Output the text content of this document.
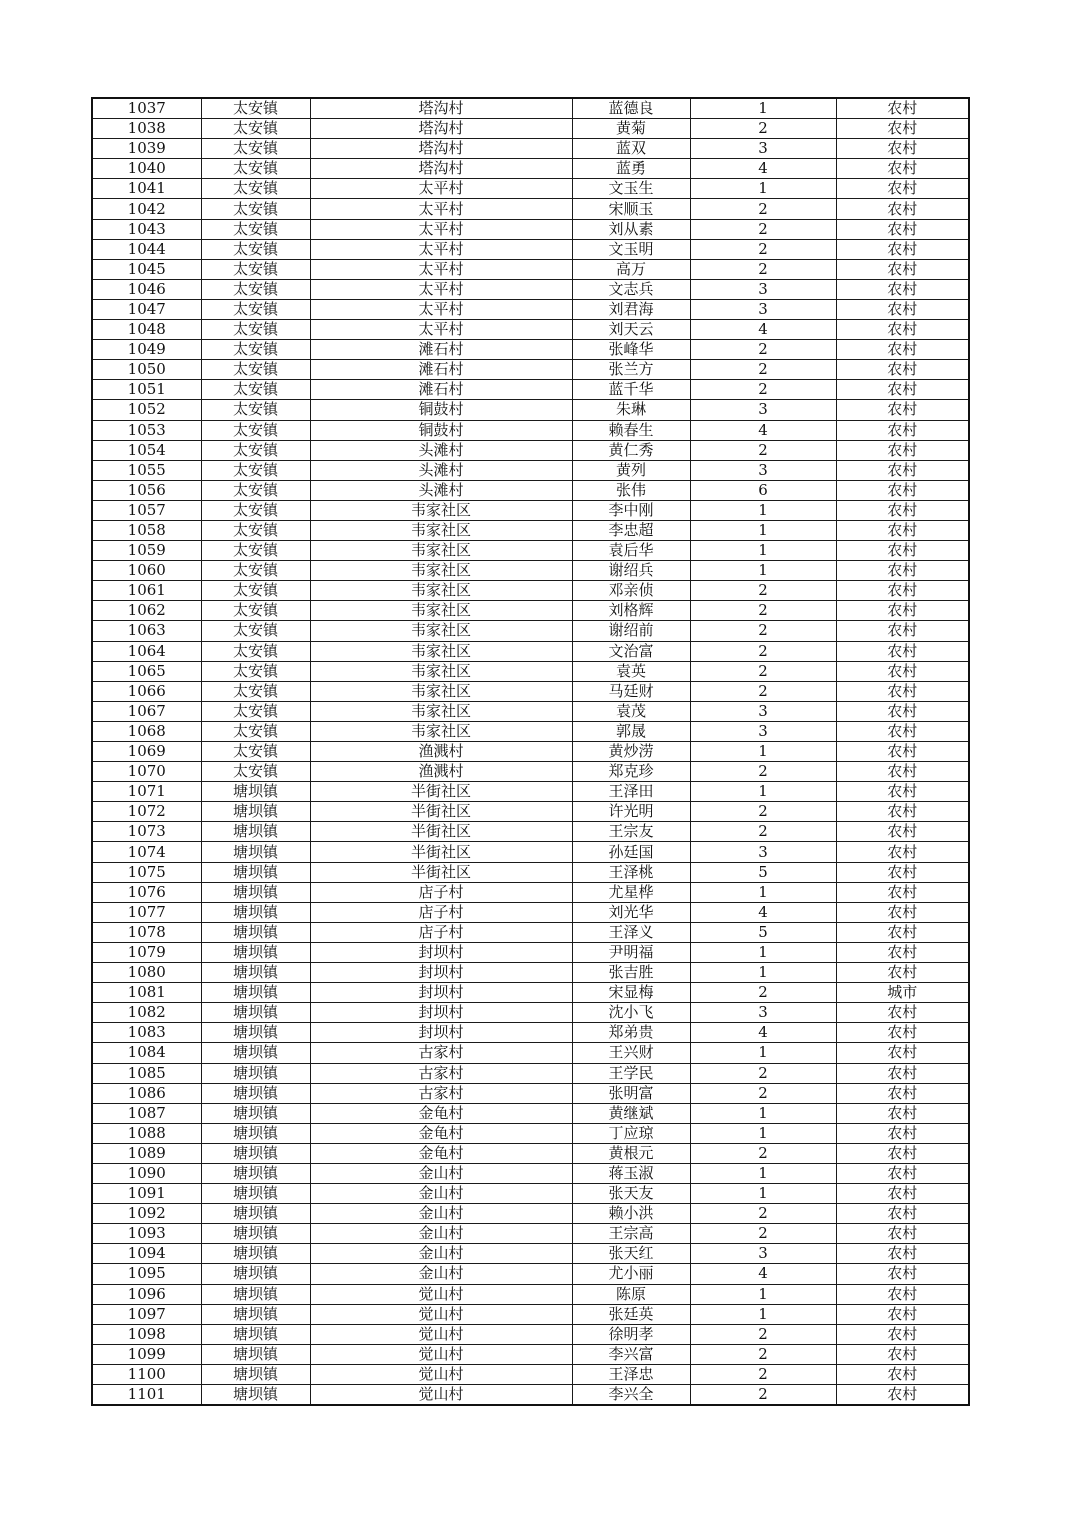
1037	太安镇	塔沟村	蓝德良	1	农村
1038	太安镇	塔沟村	黄菊	2	农村
1039	太安镇	塔沟村	蓝双	3	农村
1040	太安镇	塔沟村	蓝勇	4	农村
1041	太安镇	太平村	文玉生	1	农村
1042	太安镇	太平村	宋顺玉	2	农村
1043	太安镇	太平村	刘从素	2	农村
1044	太安镇	太平村	文玉明	2	农村
1045	太安镇	太平村	高万	2	农村
1046	太安镇	太平村	文志兵	3	农村
1047	太安镇	太平村	刘君海	3	农村
1048	太安镇	太平村	刘天云	4	农村
1049	太安镇	滩石村	张峰华	2	农村
1050	太安镇	滩石村	张兰方	2	农村
1051	太安镇	滩石村	蓝千华	2	农村
1052	太安镇	铜鼓村	朱琳	3	农村
1053	太安镇	铜鼓村	赖春生	4	农村
1054	太安镇	头滩村	黄仁秀	2	农村
1055	太安镇	头滩村	黄列	3	农村
1056	太安镇	头滩村	张伟	6	农村
1057	太安镇	韦家社区	李中刚	1	农村
1058	太安镇	韦家社区	李忠超	1	农村
1059	太安镇	韦家社区	袁后华	1	农村
1060	太安镇	韦家社区	谢绍兵	1	农村
1061	太安镇	韦家社区	邓亲侦	2	农村
1062	太安镇	韦家社区	刘格辉	2	农村
1063	太安镇	韦家社区	谢绍前	2	农村
1064	太安镇	韦家社区	文治富	2	农村
1065	太安镇	韦家社区	袁英	2	农村
1066	太安镇	韦家社区	马廷财	2	农村
1067	太安镇	韦家社区	袁茂	3	农村
1068	太安镇	韦家社区	郭晟	3	农村
1069	太安镇	渔溅村	黄炒涝	1	农村
1070	太安镇	渔溅村	郑克珍	2	农村
1071	塘坝镇	半街社区	王泽田	1	农村
1072	塘坝镇	半街社区	许光明	2	农村
1073	塘坝镇	半街社区	王宗友	2	农村
1074	塘坝镇	半街社区	孙廷国	3	农村
1075	塘坝镇	半街社区	王泽桃	5	农村
1076	塘坝镇	店子村	尤星桦	1	农村
1077	塘坝镇	店子村	刘光华	4	农村
1078	塘坝镇	店子村	王泽义	5	农村
1079	塘坝镇	封坝村	尹明福	1	农村
1080	塘坝镇	封坝村	张吉胜	1	农村
1081	塘坝镇	封坝村	宋显梅	2	城市
1082	塘坝镇	封坝村	沈小飞	3	农村
1083	塘坝镇	封坝村	郑弟贵	4	农村
1084	塘坝镇	古家村	王兴财	1	农村
1085	塘坝镇	古家村	王学民	2	农村
1086	塘坝镇	古家村	张明富	2	农村
1087	塘坝镇	金龟村	黄继斌	1	农村
1088	塘坝镇	金龟村	丁应琼	1	农村
1089	塘坝镇	金龟村	黄根元	2	农村
1090	塘坝镇	金山村	蒋玉淑	1	农村
1091	塘坝镇	金山村	张天友	1	农村
1092	塘坝镇	金山村	赖小洪	2	农村
1093	塘坝镇	金山村	王宗高	2	农村
1094	塘坝镇	金山村	张天红	3	农村
1095	塘坝镇	金山村	尤小丽	4	农村
1096	塘坝镇	觉山村	陈原	1	农村
1097	塘坝镇	觉山村	张廷英	1	农村
1098	塘坝镇	觉山村	徐明孝	2	农村
1099	塘坝镇	觉山村	李兴富	2	农村
1100	塘坝镇	觉山村	王泽忠	2	农村
1101	塘坝镇	觉山村	李兴全	2	农村
